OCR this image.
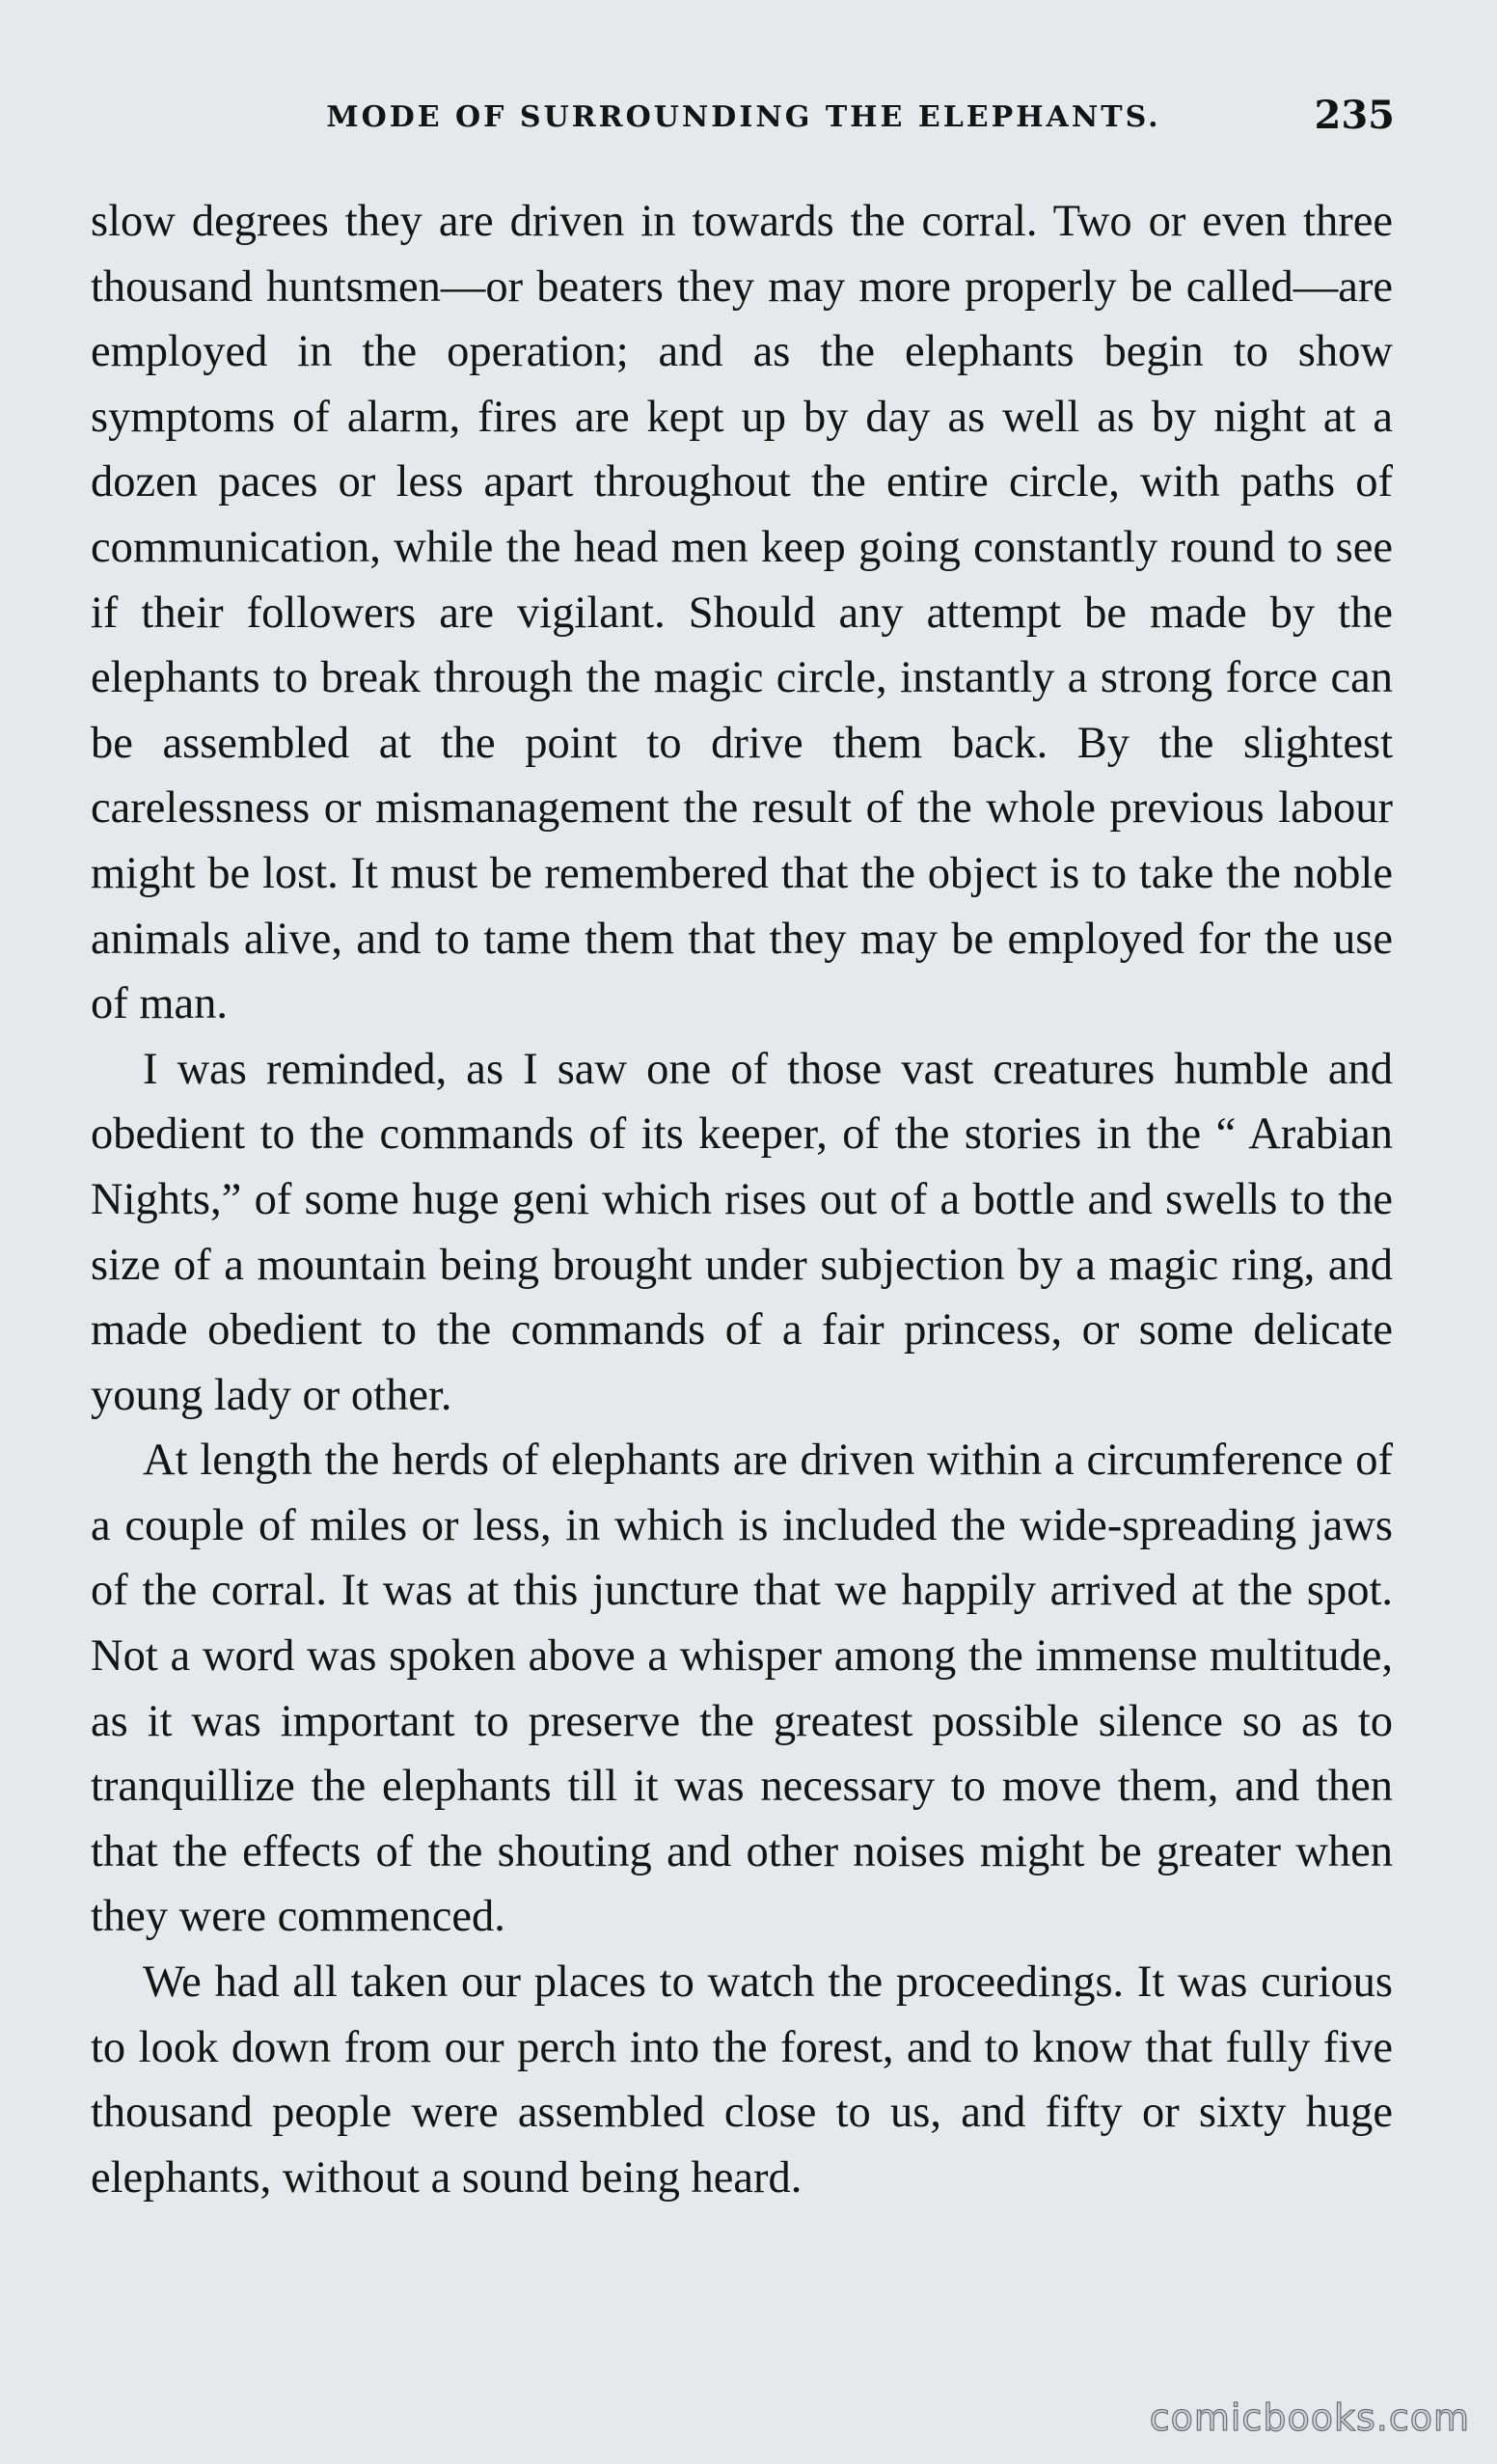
MODE OF SURROUNDING THE ELEPHANTS.	235

slow degrees they are driven in towards the corral. Two or even three thousand huntsmen—or beaters they may more properly be called—are employed in the operation; and as the elephants begin to show symptoms of alarm, fires are kept up by day as well as by night at a dozen paces or less apart throughout the entire circle, with paths of communication, while the head men keep going constantly round to see if their followers are vigilant. Should any attempt be made by the elephants to break through the magic circle, instantly a strong force can be assembled at the point to drive them back. By the slightest carelessness or mismanagement the result of the whole previous labour might be lost. It must be remembered that the object is to take the noble animals alive, and to tame them that they may be employed for the use of man.

I was reminded, as I saw one of those vast creatures humble and obedient to the commands of its keeper, of the stories in the “ Arabian Nights,” of some huge geni which rises out of a bottle and swells to the size of a mountain being brought under subjection by a magic ring, and made obedient to the commands of a fair princess, or some delicate young lady or other.

At length the herds of elephants are driven within a circumference of a couple of miles or less, in which is included the wide-spreading jaws of the corral. It was at this juncture that we happily arrived at the spot. Not a word was spoken above a whisper among the immense multitude, as it was important to preserve the greatest possible silence so as to tranquillize the elephants till it was necessary to move them, and then that the effects of the shouting and other noises might be greater when they were commenced.

We had all taken our places to watch the proceedings. It was curious to look down from our perch into the forest, and to know that fully five thousand people were assembled close to us, and fifty or sixty huge elephants, without a sound being heard.

comicbooks.com
